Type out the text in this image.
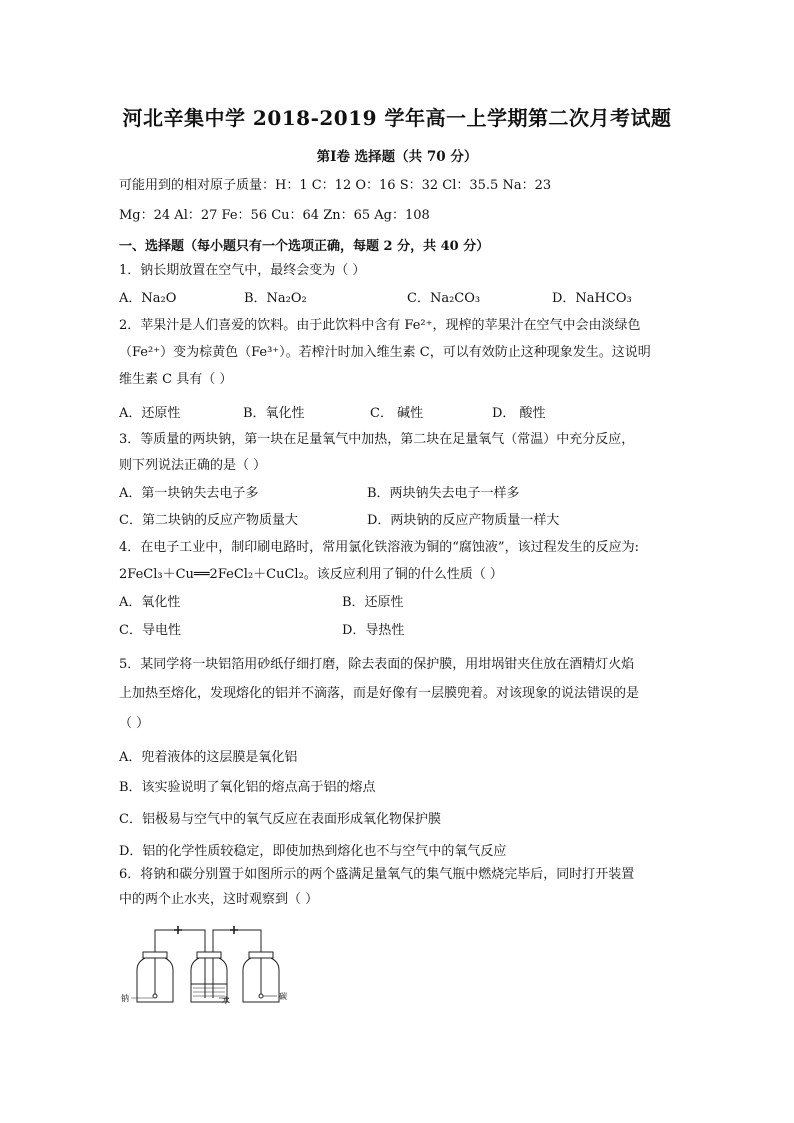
河北辛集中学 2018-2019 学年高一上学期第二次月考试题
第Ⅰ卷 选择题（共 70 分）
可能用到的相对原子质量：H：1 C：12 O：16 S：32 Cl：35.5 Na：23
Mg：24 Al：27 Fe：56 Cu：64 Zn：65 Ag：108
一、选择题（每小题只有一个选项正确，每题 2 分，共 40 分）
1．钠长期放置在空气中，最终会变为（ ）
A．Na₂O	B．Na₂O₂	C．Na₂CO₃	D．NaHCO₃
2．苹果汁是人们喜爱的饮料。由于此饮料中含有 Fe²⁺，现榨的苹果汁在空气中会由淡绿色
（Fe²⁺）变为棕黄色（Fe³⁺）。若榨汁时加入维生素 C，可以有效防止这种现象发生。这说明
维生素 C 具有（ ）
A．还原性	B．氧化性	C． 碱性	D． 酸性
3．等质量的两块钠，第一块在足量氧气中加热，第二块在足量氧气（常温）中充分反应，
则下列说法正确的是（ ）
A．第一块钠失去电子多	B．两块钠失去电子一样多
C．第二块钠的反应产物质量大	D．两块钠的反应产物质量一样大
4．在电子工业中，制印刷电路时，常用氯化铁溶液为铜的“腐蚀液”，该过程发生的反应为:
2FeCl₃＋Cu══2FeCl₂＋CuCl₂。该反应利用了铜的什么性质（ ）
A．氧化性	B．还原性
C．导电性	D．导热性
5．某同学将一块铝箔用砂纸仔细打磨，除去表面的保护膜，用坩埚钳夹住放在酒精灯火焰
上加热至熔化，发现熔化的铝并不滴落，而是好像有一层膜兜着。对该现象的说法错误的是
（ ）
A．兜着液体的这层膜是氧化铝
B．该实验说明了氧化铝的熔点高于铝的熔点
C．铝极易与空气中的氧气反应在表面形成氧化物保护膜
D．铝的化学性质较稳定，即使加热到熔化也不与空气中的氧气反应
6．将钠和碳分别置于如图所示的两个盛满足量氧气的集气瓶中燃烧完毕后，同时打开装置
中的两个止水夹，这时观察到（ ）
钠	水	碳
